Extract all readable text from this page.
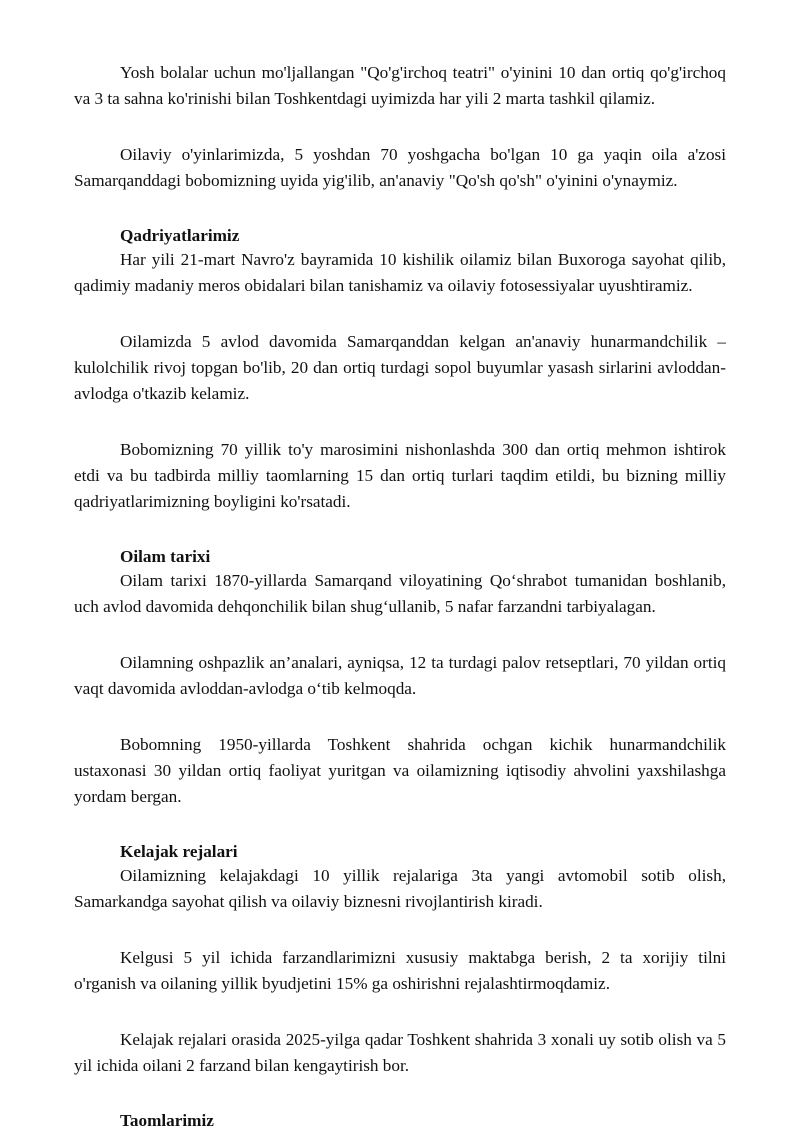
Yosh bolalar uchun mo'ljallangan "Qo'g'irchoq teatri" o'yinini 10 dan ortiq qo'g'irchoq va 3 ta sahna ko'rinishi bilan Toshkentdagi uyimizda har yili 2 marta tashkil qilamiz.

Oilaviy o'yinlarimizda, 5 yoshdan 70 yoshgacha bo'lgan 10 ga yaqin oila a'zosi Samarqanddagi bobomizning uyida yig'ilib, an'anaviy "Qo'sh qo'sh" o'yinini o'ynaymiz.

Qadriyatlarimiz

Har yili 21-mart Navro'z bayramida 10 kishilik oilamiz bilan Buxoroga sayohat qilib, qadimiy madaniy meros obidalari bilan tanishamiz va oilaviy fotosessiyalar uyushtiramiz.

Oilamizda 5 avlod davomida Samarqanddan kelgan an'anaviy hunarmandchilik – kulolchilik rivoj topgan bo'lib, 20 dan ortiq turdagi sopol buyumlar yasash sirlarini avloddan-avlodga o'tkazib kelamiz.

Bobomizning 70 yillik to'y marosimini nishonlashda 300 dan ortiq mehmon ishtirok etdi va bu tadbirda milliy taomlarning 15 dan ortiq turlari taqdim etildi, bu bizning milliy qadriyatlarimizning boyligini ko'rsatadi.

Oilam tarixi

Oilam tarixi 1870-yillarda Samarqand viloyatining Qo‘shrabot tumanidan boshlanib, uch avlod davomida dehqonchilik bilan shug‘ullanib, 5 nafar farzandni tarbiyalagan.

Oilamning oshpazlik an’analari, ayniqsa, 12 ta turdagi palov retseptlari, 70 yildan ortiq vaqt davomida avloddan-avlodga o‘tib kelmoqda.

Bobomning 1950-yillarda Toshkent shahrida ochgan kichik hunarmandchilik ustaxonasi 30 yildan ortiq faoliyat yuritgan va oilamizning iqtisodiy ahvolini yaxshilashga yordam bergan.

Kelajak rejalari

Oilamizning kelajakdagi 10 yillik rejalariga 3ta yangi avtomobil sotib olish, Samarkandga sayohat qilish va oilaviy biznesni rivojlantirish kiradi.

Kelgusi 5 yil ichida farzandlarimizni xususiy maktabga berish, 2 ta xorijiy tilni o'rganish va oilaning yillik byudjetini 15% ga oshirishni rejalashtirmoqdamiz.

Kelajak rejalari orasida 2025-yilga qadar Toshkent shahrida 3 xonali uy sotib olish va 5 yil ichida oilani 2 farzand bilan kengaytirish bor.

Taomlarimiz
